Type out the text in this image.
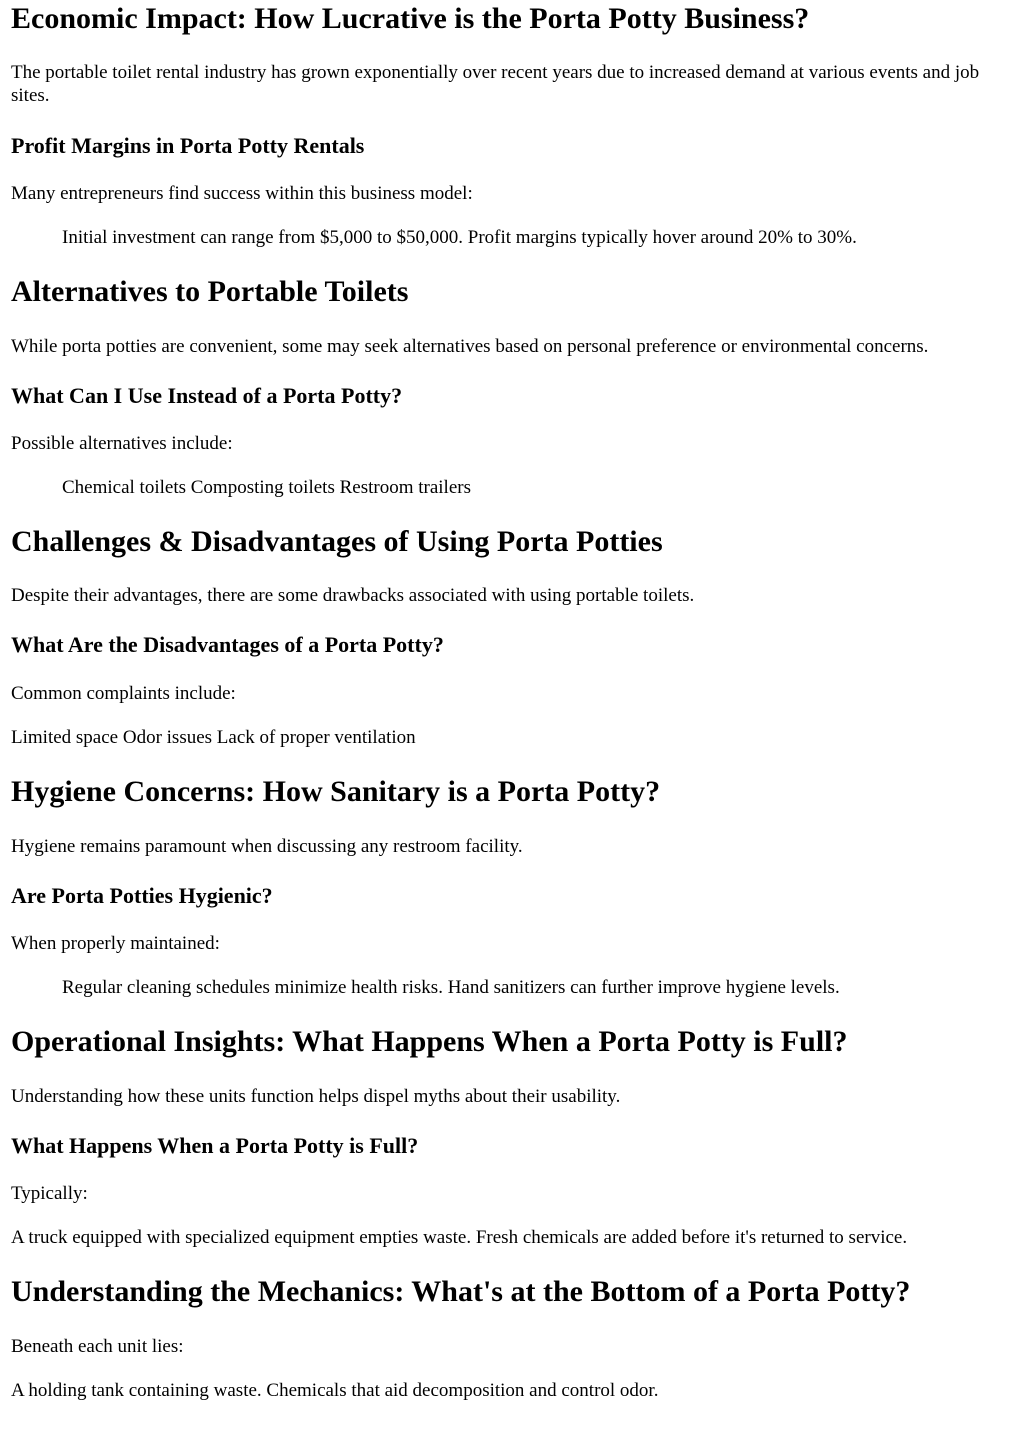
Economic Impact: How Lucrative is the Porta Potty Business?

The portable toilet rental industry has grown exponentially over recent years due to increased demand at various events and job sites.

Profit Margins in Porta Potty Rentals

Many entrepreneurs find success within this business model:

Initial investment can range from $5,000 to $50,000. Profit margins typically hover around 20% to 30%.

Alternatives to Portable Toilets

While porta potties are convenient, some may seek alternatives based on personal preference or environmental concerns.

What Can I Use Instead of a Porta Potty?

Possible alternatives include:

Chemical toilets Composting toilets Restroom trailers

Challenges & Disadvantages of Using Porta Potties

Despite their advantages, there are some drawbacks associated with using portable toilets.

What Are the Disadvantages of a Porta Potty?

Common complaints include:

Limited space Odor issues Lack of proper ventilation

Hygiene Concerns: How Sanitary is a Porta Potty?

Hygiene remains paramount when discussing any restroom facility.

Are Porta Potties Hygienic?

When properly maintained:

Regular cleaning schedules minimize health risks. Hand sanitizers can further improve hygiene levels.

Operational Insights: What Happens When a Porta Potty is Full?

Understanding how these units function helps dispel myths about their usability.

What Happens When a Porta Potty is Full?

Typically:

A truck equipped with specialized equipment empties waste. Fresh chemicals are added before it's returned to service.

Understanding the Mechanics: What's at the Bottom of a Porta Potty?

Beneath each unit lies:

A holding tank containing waste. Chemicals that aid decomposition and control odor.
